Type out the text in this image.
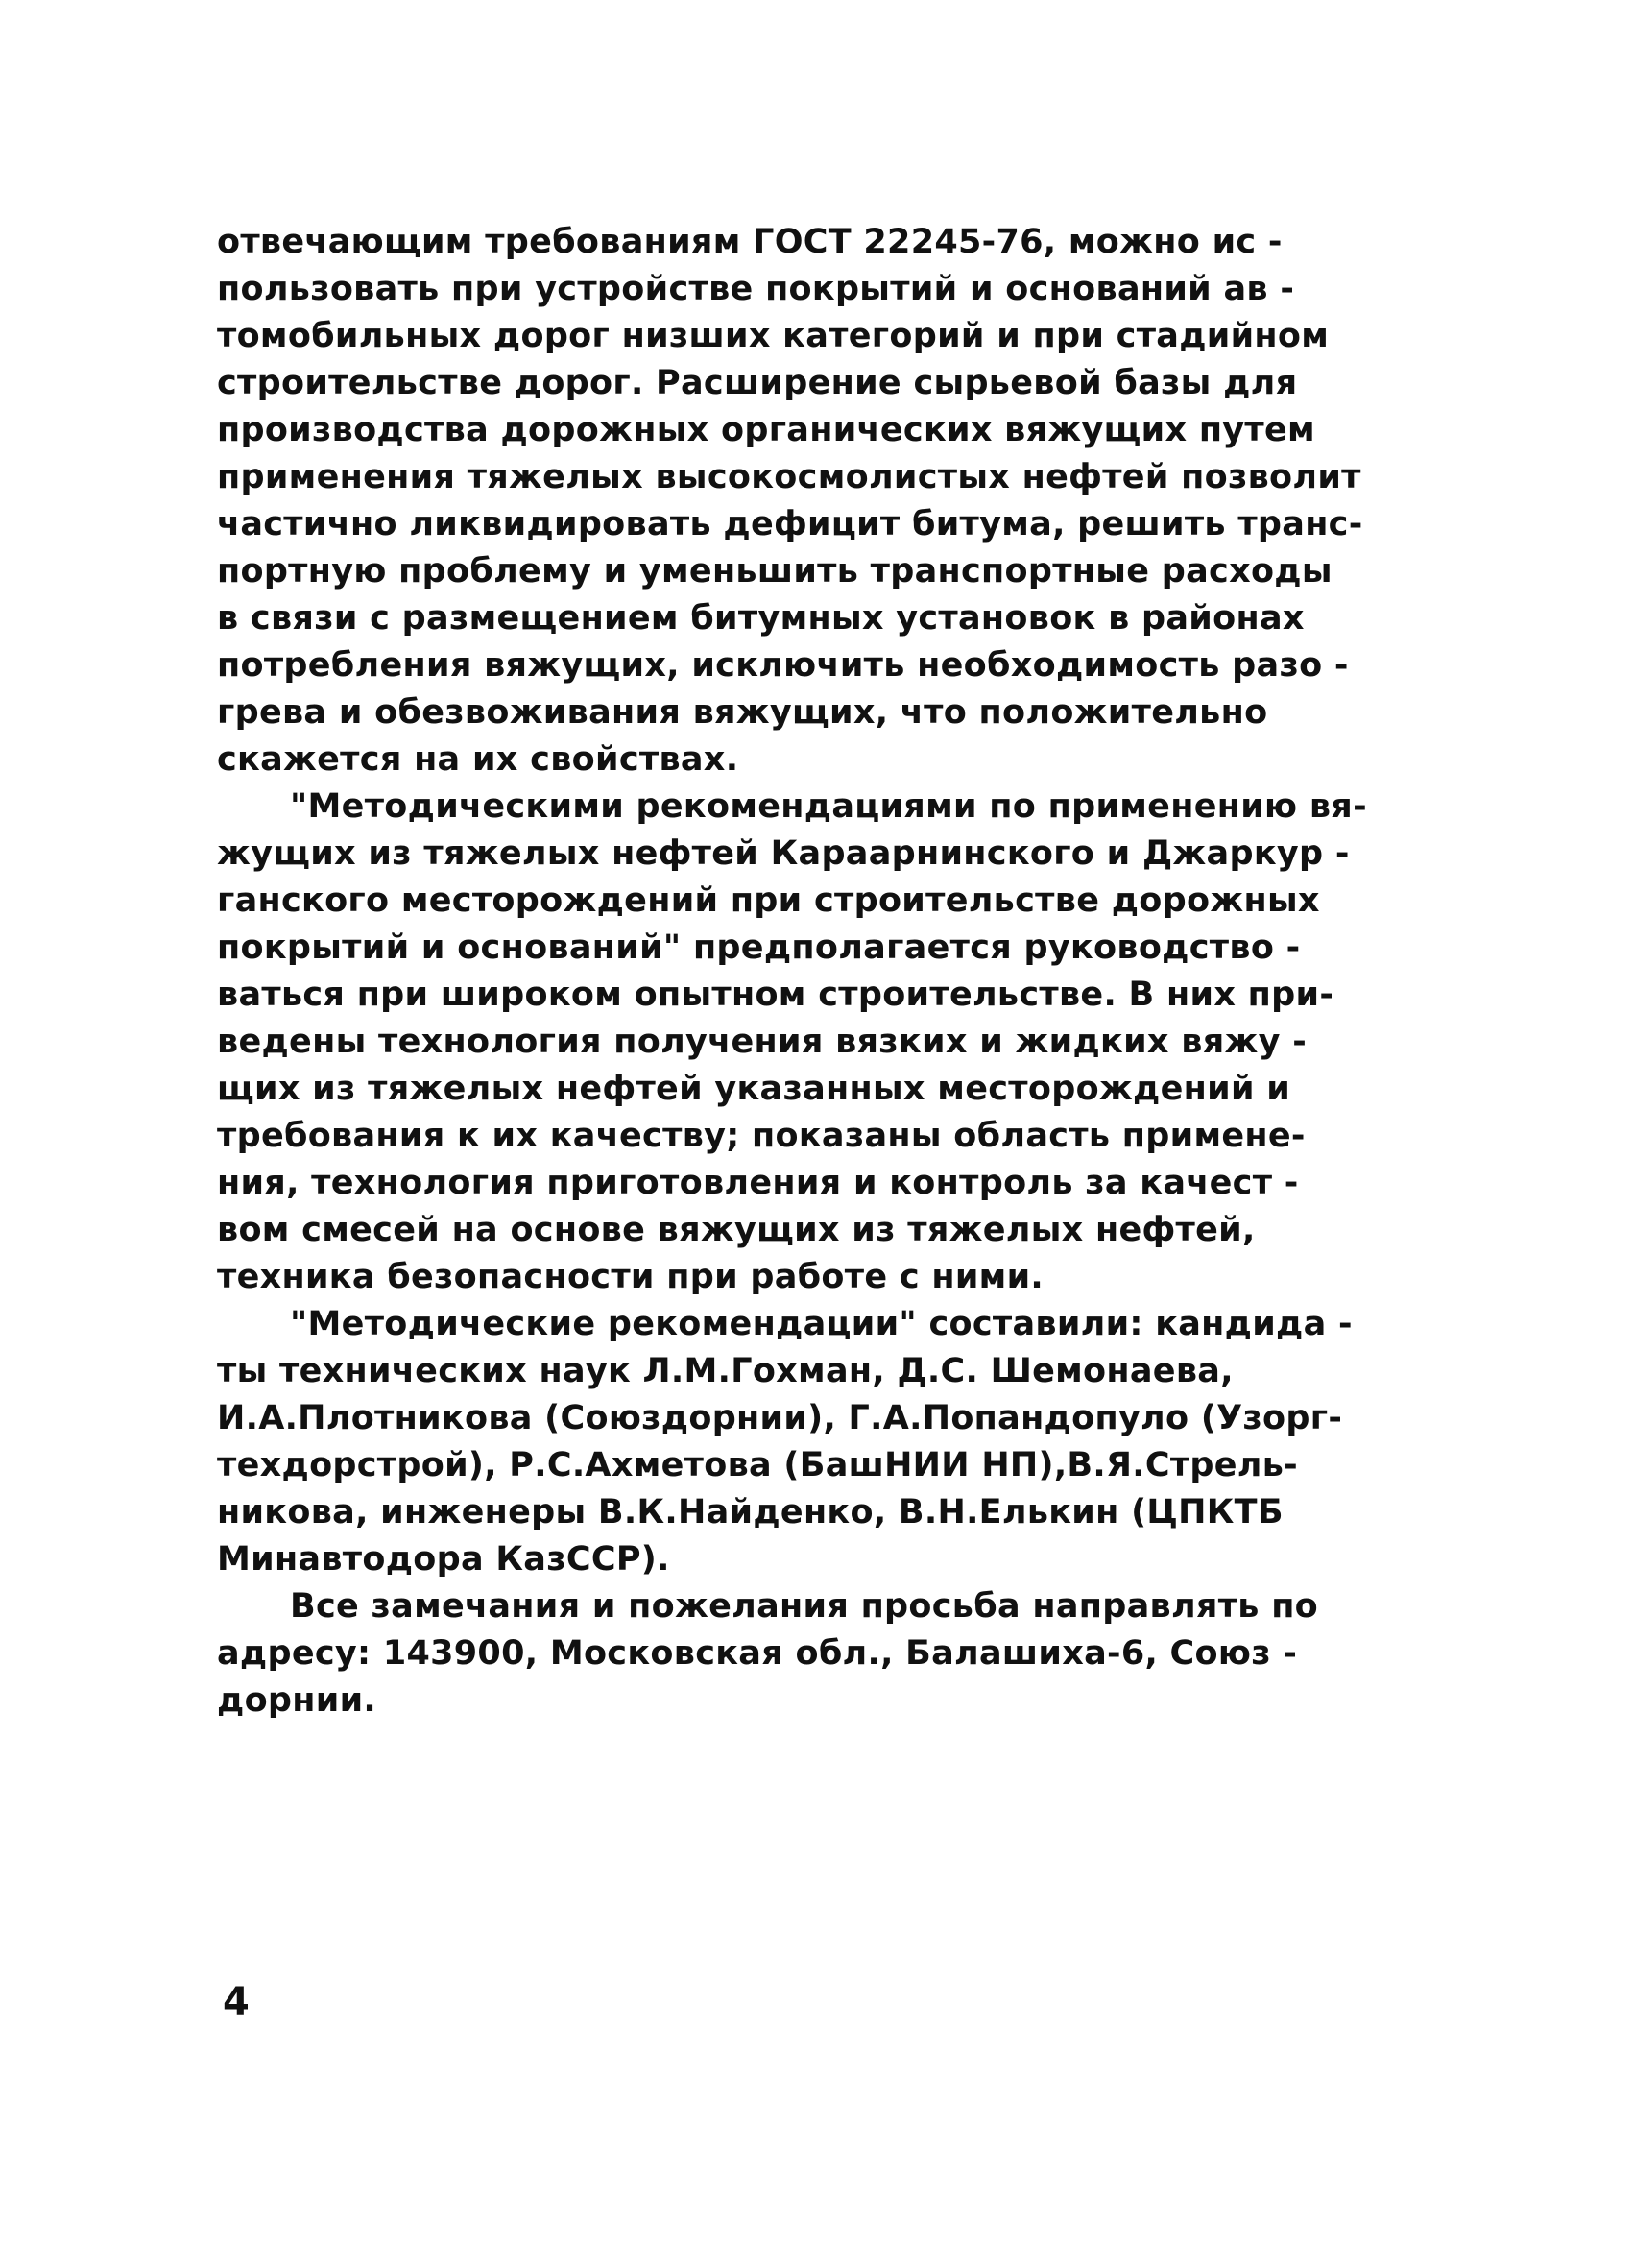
отвечающим требованиям ГОСТ 22245-76, можно ис -
пользовать при устройстве покрытий и оснований ав -
томобильных дорог низших категорий и при стадийном
строительстве дорог. Расширение сырьевой базы для
производства дорожных органических вяжущих путем
применения тяжелых высокосмолистых нефтей позволит
частично ликвидировать дефицит битума, решить транс-
портную проблему и уменьшить транспортные расходы
в связи с размещением битумных установок в районах
потребления вяжущих, исключить необходимость разо -
грева и обезвоживания вяжущих, что положительно
скажется на их свойствах.
"Методическими рекомендациями по применению вя-
жущих из тяжелых нефтей Караарнинского и Джаркур -
ганского месторождений при строительстве дорожных
покрытий и оснований" предполагается руководство -
ваться при широком опытном строительстве. В них при-
ведены технология получения вязких и жидких вяжу -
щих из тяжелых нефтей указанных месторождений и
требования к их качеству; показаны область примене-
ния, технология приготовления и контроль за качест -
вом смесей на основе вяжущих из тяжелых нефтей,
техника безопасности при работе с ними.
"Методические рекомендации" составили: кандида -
ты технических наук Л.М.Гохман, Д.С. Шемонаева,
И.А.Плотникова (Союздорнии), Г.А.Попандопуло (Узорг-
техдорстрой), Р.С.Ахметова (БашНИИ НП),В.Я.Стрель-
никова, инженеры В.К.Найденко, В.Н.Елькин (ЦПКТБ
Минавтодора КазССР).
Все замечания и пожелания просьба направлять по
адресу: 143900, Московская обл., Балашиха-6, Союз -
дорнии.
4
